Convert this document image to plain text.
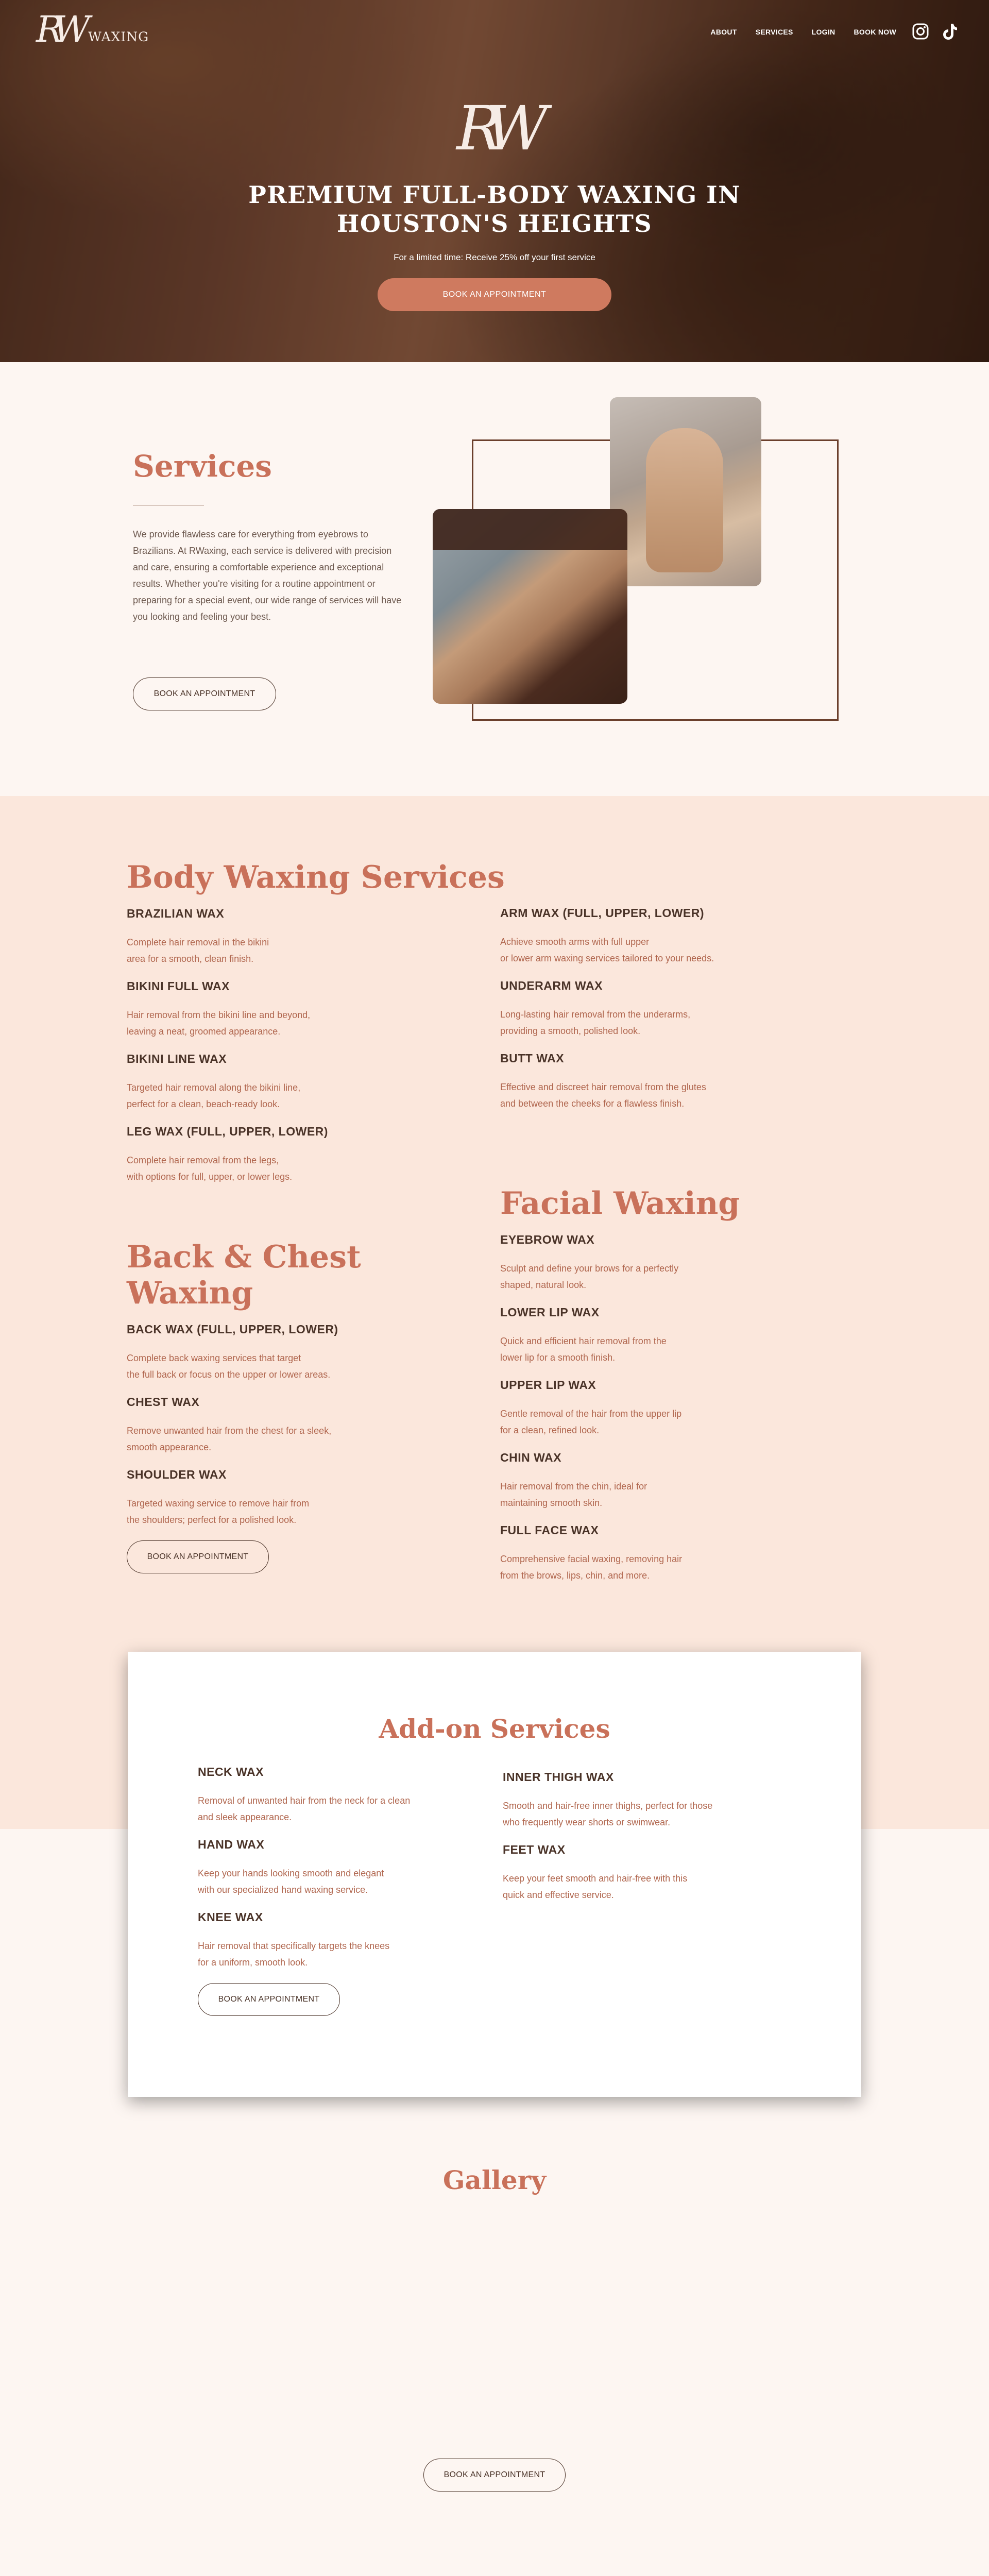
RW WAXING	ABOUT	SERVICES	LOGIN	BOOK NOW
RW
PREMIUM FULL-BODY WAXING IN
HOUSTON'S HEIGHTS
For a limited time: Receive 25% off your first service
BOOK AN APPOINTMENT
Services

We provide flawless care for everything from eyebrows to Brazilians. At RWaxing, each service is delivered with precision and care, ensuring a comfortable experience and exceptional results. Whether you're visiting for a routine appointment or preparing for a special event, our wide range of services will have you looking and feeling your best.

BOOK AN APPOINTMENT
Body Waxing Services
BRAZILIAN WAX

Complete hair removal in the bikini
area for a smooth, clean finish.

BIKINI FULL WAX

Hair removal from the bikini line and beyond,
leaving a neat, groomed appearance.

BIKINI LINE WAX

Targeted hair removal along the bikini line,
perfect for a clean, beach-ready look.

LEG WAX (FULL, UPPER, LOWER)

Complete hair removal from the legs,
with options for full, upper, or lower legs.

ARM WAX (FULL, UPPER, LOWER)

Achieve smooth arms with full upper
or lower arm waxing services tailored to your needs.

UNDERARM WAX

Long-lasting hair removal from the underarms,
providing a smooth, polished look.

BUTT WAX

Effective and discreet hair removal from the glutes
and between the cheeks for a flawless finish.

Back & Chest Waxing
BACK WAX (FULL, UPPER, LOWER)

Complete back waxing services that target
the full back or focus on the upper or lower areas.

CHEST WAX

Remove unwanted hair from the chest for a sleek,
smooth appearance.

SHOULDER WAX

Targeted waxing service to remove hair from
the shoulders; perfect for a polished look.

BOOK AN APPOINTMENT
Facial Waxing
EYEBROW WAX

Sculpt and define your brows for a perfectly
shaped, natural look.

LOWER LIP WAX

Quick and efficient hair removal from the
lower lip for a smooth finish.

UPPER LIP WAX

Gentle removal of the hair from the upper lip
for a clean, refined look.

CHIN WAX

Hair removal from the chin, ideal for
maintaining smooth skin.

FULL FACE WAX

Comprehensive facial waxing, removing hair
from the brows, lips, chin, and more.

Add-on Services
NECK WAX

Removal of unwanted hair from the neck for a clean
and sleek appearance.

HAND WAX

Keep your hands looking smooth and elegant
with our specialized hand waxing service.

KNEE WAX

Hair removal that specifically targets the knees
for a uniform, smooth look.

BOOK AN APPOINTMENT
INNER THIGH WAX

Smooth and hair-free inner thighs, perfect for those
who frequently wear shorts or swimwear.

FEET WAX

Keep your feet smooth and hair-free with this
quick and effective service.

Gallery
BOOK AN APPOINTMENT
